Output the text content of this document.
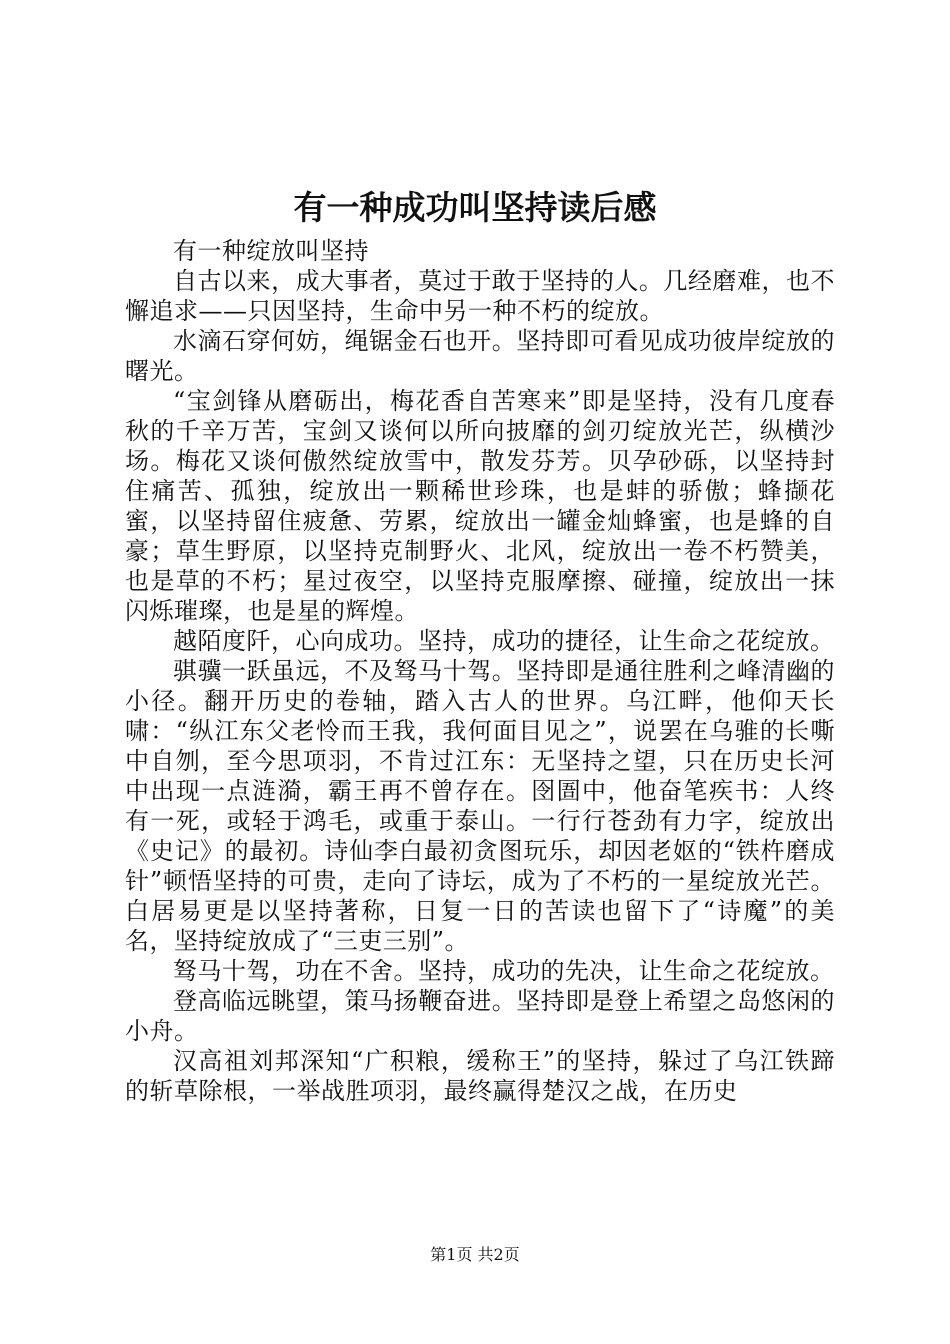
有一种成功叫坚持读后感

有一种绽放叫坚持

自古以来，成大事者，莫过于敢于坚持的人。几经磨难，也不懈追求——只因坚持，生命中另一种不朽的绽放。

水滴石穿何妨，绳锯金石也开。坚持即可看见成功彼岸绽放的曙光。

“宝剑锋从磨砺出，梅花香自苦寒来”即是坚持，没有几度春秋的千辛万苦，宝剑又谈何以所向披靡的剑刃绽放光芒，纵横沙场。梅花又谈何傲然绽放雪中，散发芬芳。贝孕砂砾，以坚持封住痛苦、孤独，绽放出一颗稀世珍珠，也是蚌的骄傲；蜂撷花蜜，以坚持留住疲惫、劳累，绽放出一罐金灿蜂蜜，也是蜂的自豪；草生野原，以坚持克制野火、北风，绽放出一卷不朽赞美，也是草的不朽；星过夜空，以坚持克服摩擦、碰撞，绽放出一抹闪烁璀璨，也是星的辉煌。

越陌度阡，心向成功。坚持，成功的捷径，让生命之花绽放。

骐骥一跃虽远，不及驽马十驾。坚持即是通往胜利之峰清幽的小径。翻开历史的卷轴，踏入古人的世界。乌江畔，他仰天长啸：“纵江东父老怜而王我，我何面目见之”，说罢在乌骓的长嘶中自刎，至今思项羽，不肯过江东：无坚持之望，只在历史长河中出现一点涟漪，霸王再不曾存在。囹圄中，他奋笔疾书：人终有一死，或轻于鸿毛，或重于泰山。一行行苍劲有力字，绽放出《史记》的最初。诗仙李白最初贪图玩乐，却因老妪的“铁杵磨成针”顿悟坚持的可贵，走向了诗坛，成为了不朽的一星绽放光芒。白居易更是以坚持著称，日复一日的苦读也留下了“诗魔”的美名，坚持绽放成了“三吏三别”。

驽马十驾，功在不舍。坚持，成功的先决，让生命之花绽放。

登高临远眺望，策马扬鞭奋进。坚持即是登上希望之岛悠闲的小舟。

汉高祖刘邦深知“广积粮，缓称王”的坚持，躲过了乌江铁蹄的斩草除根，一举战胜项羽，最终赢得楚汉之战，在历史

第1页 共2页
